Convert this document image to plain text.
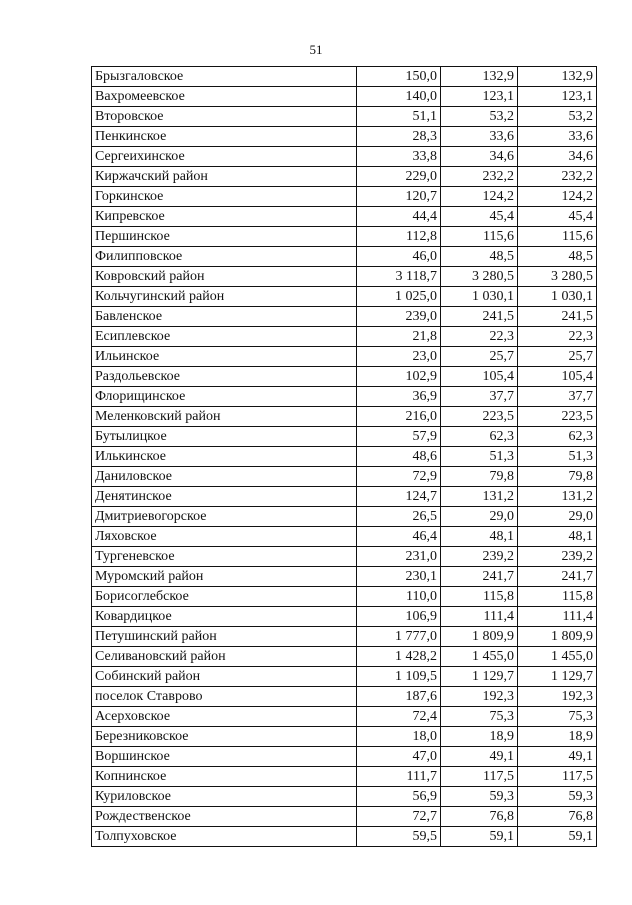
51
Брызгаловское	150,0	132,9	132,9
Вахромеевское	140,0	123,1	123,1
Второвское	51,1	53,2	53,2
Пенкинское	28,3	33,6	33,6
Сергеихинское	33,8	34,6	34,6
Киржачский район	229,0	232,2	232,2
Горкинское	120,7	124,2	124,2
Кипревское	44,4	45,4	45,4
Першинское	112,8	115,6	115,6
Филипповское	46,0	48,5	48,5
Ковровский район	3 118,7	3 280,5	3 280,5
Кольчугинский район	1 025,0	1 030,1	1 030,1
Бавленское	239,0	241,5	241,5
Есиплевское	21,8	22,3	22,3
Ильинское	23,0	25,7	25,7
Раздольевское	102,9	105,4	105,4
Флорищинское	36,9	37,7	37,7
Меленковский район	216,0	223,5	223,5
Бутылицкое	57,9	62,3	62,3
Илькинское	48,6	51,3	51,3
Даниловское	72,9	79,8	79,8
Денятинское	124,7	131,2	131,2
Дмитриевогорское	26,5	29,0	29,0
Ляховское	46,4	48,1	48,1
Тургеневское	231,0	239,2	239,2
Муромский район	230,1	241,7	241,7
Борисоглебское	110,0	115,8	115,8
Ковардицкое	106,9	111,4	111,4
Петушинский район	1 777,0	1 809,9	1 809,9
Селивановский район	1 428,2	1 455,0	1 455,0
Собинский район	1 109,5	1 129,7	1 129,7
поселок Ставрово	187,6	192,3	192,3
Асерховское	72,4	75,3	75,3
Березниковское	18,0	18,9	18,9
Воршинское	47,0	49,1	49,1
Копнинское	111,7	117,5	117,5
Куриловское	56,9	59,3	59,3
Рождественское	72,7	76,8	76,8
Толпуховское	59,5	59,1	59,1
